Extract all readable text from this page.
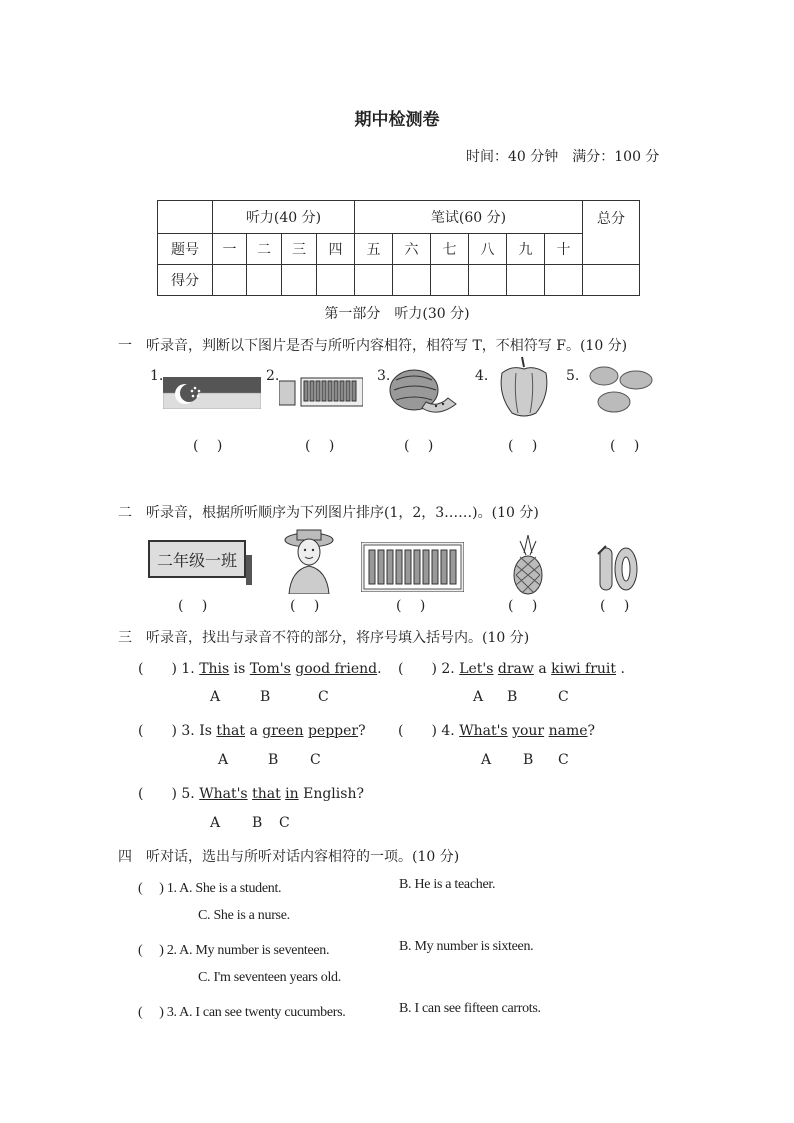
期中检测卷
时间：40 分钟　满分：100 分
	听力(40 分)				笔试(60 分)						总分
题号	一	二	三	四	五	六	七	八	九	十	
得分											
第一部分　听力(30 分)
一　听录音，判断以下图片是否与所听内容相符，相符写 T，不相符写 F。(10 分)
1.	2.	3.	4.	5.
(　 )	(　 )	(　 )	(　 )	(　 )
二　听录音，根据所听顺序为下列图片排序(1，2，3……)。(10 分)
二年级一班
(　 )	(　 )	(　 )	(　 )	(　 )
三　听录音，找出与录音不符的部分，将序号填入括号内。(10 分)
(　　) 1. This is Tom's good friend.
A	B	C
(　　) 2. Let's draw a kiwi fruit .
A B	C
(　　) 3. Is that a green pepper?
A	B C
(　　) 4. What's your name?
A B C
(　　) 5. What's that in English?
A B C
四　听对话，选出与所听对话内容相符的一项。(10 分)
(　 ) 1. A. She is a student.	B. He is a teacher.
C. She is a nurse.
(　 ) 2. A. My number is seventeen.	B. My number is sixteen.
C. I'm seventeen years old.
(　 ) 3. A. I can see twenty cucumbers.	B. I can see fifteen carrots.
